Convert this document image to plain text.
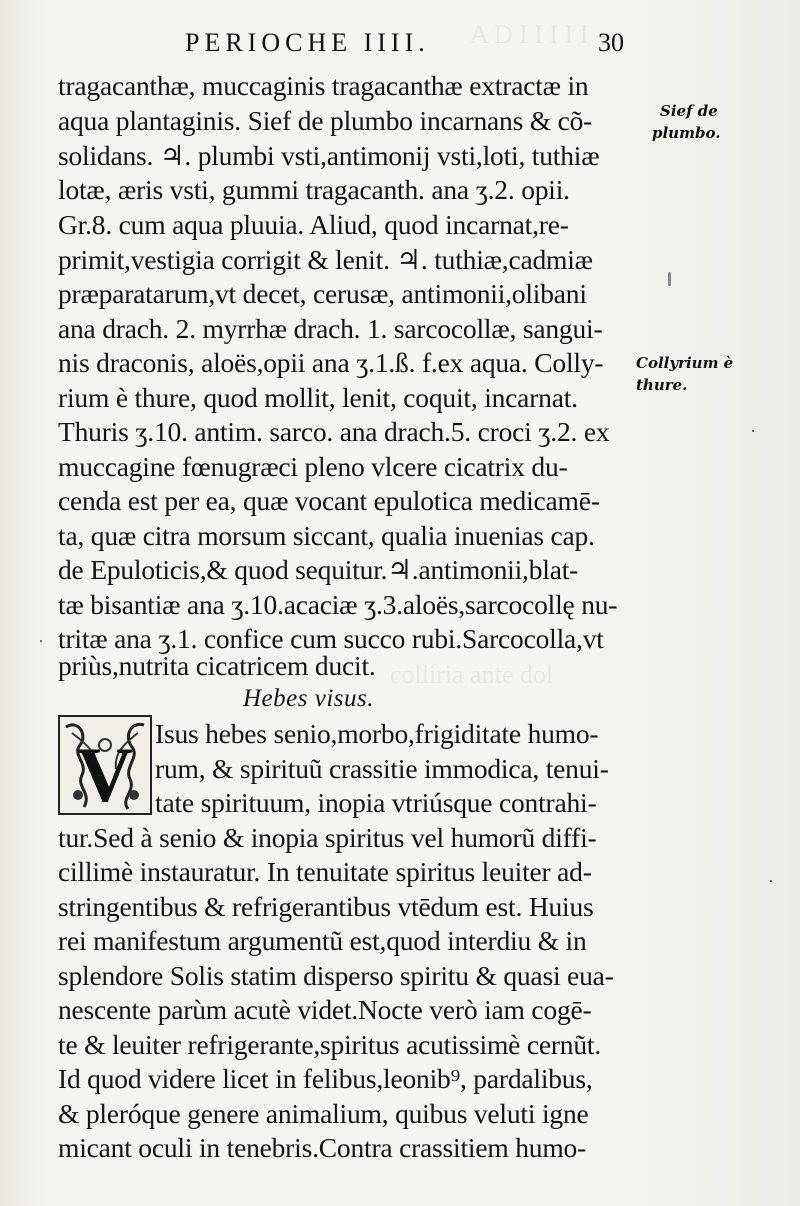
A D I I I I I
colliria ante dol
PERIOCHE IIII.	30
tragacanthæ, muccaginis tragacanthæ extractæ in
aqua plantaginis. Sief de plumbo incarnans & cõ-
solidans. ♃. plumbi vsti,antimonij vsti,loti, tuthiæ
lotæ, æris vsti, gummi tragacanth. ana ʒ.2. opii.
Gr.8. cum aqua pluuia. Aliud, quod incarnat,re-
primit,vestigia corrigit & lenit. ♃. tuthiæ,cadmiæ
præparatarum,vt decet, cerusæ, antimonii,olibani
ana drach. 2. myrrhæ drach. 1. sarcocollæ, sangui-
nis draconis, aloës,opii ana ʒ.1.ß. f.ex aqua. Colly-
rium è thure, quod mollit, lenit, coquit, incarnat.
Thuris ʒ.10. antim. sarco. ana drach.5. croci ʒ.2. ex
muccagine fœnugræci pleno vlcere cicatrix du-
cenda est per ea, quæ vocant epulotica medicamē-
ta, quæ citra morsum siccant, qualia inuenias cap.
de Epuloticis,& quod sequitur.♃.antimonii,blat-
tæ bisantiæ ana ʒ.10.acaciæ ʒ.3.aloës,sarcocollę nu-
tritæ ana ʒ.1. confice cum succo rubi.Sarcocolla,vt
priùs,nutrita cicatricem ducit.
Hebes visus.
V Isus hebes senio,morbo,frigiditate humo-
rum, & spirituũ crassitie immodica, tenui-
tate spirituum, inopia vtriúsque contrahi-
tur.Sed à senio & inopia spiritus vel humorũ diffi-
cillimè instauratur. In tenuitate spiritus leuiter ad-
stringentibus & refrigerantibus vtēdum est. Huius
rei manifestum argumentũ est,quod interdiu & in
splendore Solis statim disperso spiritu & quasi eua-
nescente parùm acutè videt.Nocte verò iam cogē-
te & leuiter refrigerante,spiritus acutissimè cernũt.
Id quod videre licet in felibus,leonib⁹, pardalibus,
& pleróque genere animalium, quibus veluti igne
micant oculi in tenebris.Contra crassitiem humo-
Sief de
plumbo.
Collyrium è
thure.
